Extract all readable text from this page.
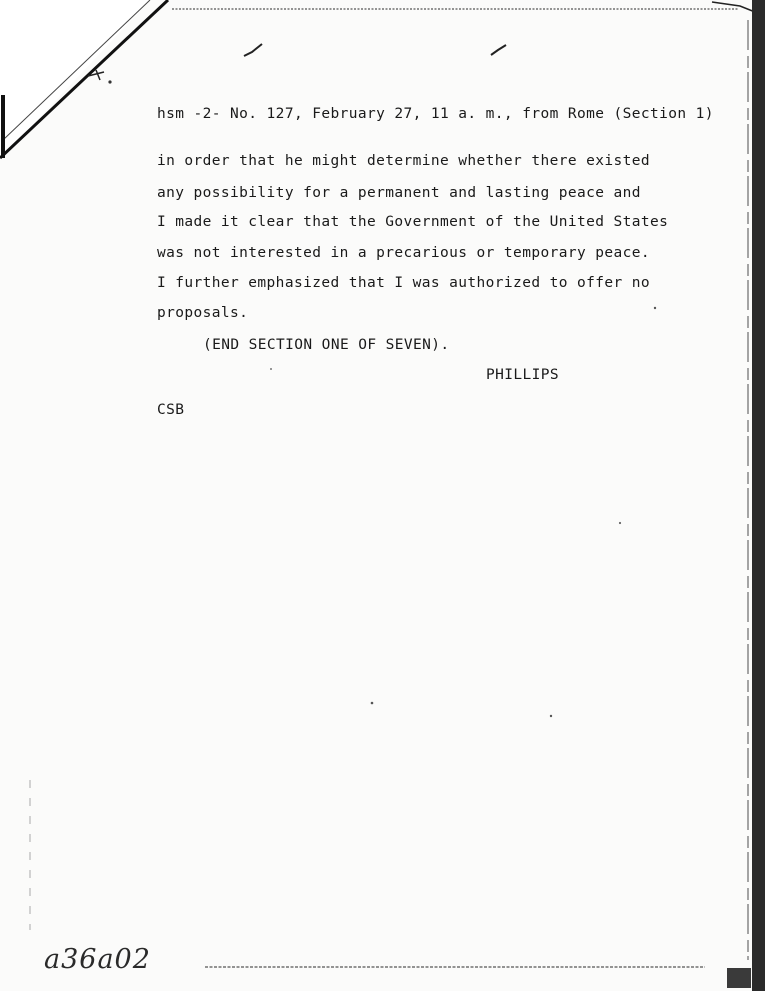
hsm -2- No. 127, February 27, 11 a. m., from Rome (Section 1)
in order that he might determine whether there existed
any possibility for a permanent and lasting peace and
I made it clear that the Government of the United States
was not interested in a precarious or temporary peace.
I further emphasized that I was authorized to offer no
proposals.
(END SECTION ONE OF SEVEN).
PHILLIPS
CSB
a36a02
